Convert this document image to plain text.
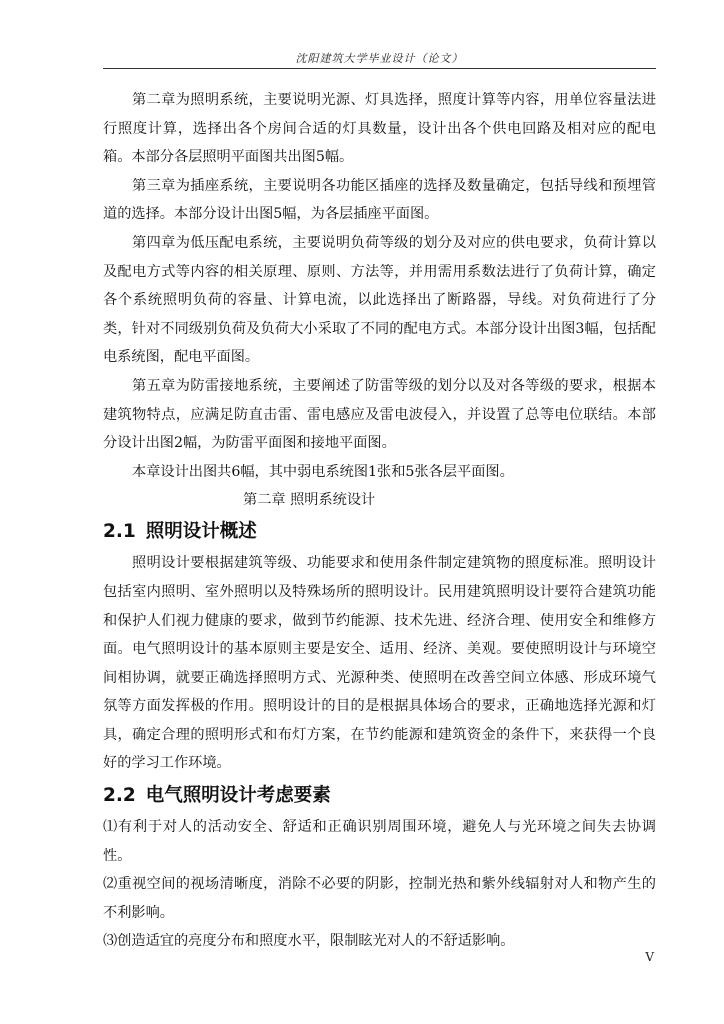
沈阳建筑大学毕业设计（论文）

第二章为照明系统，主要说明光源、灯具选择，照度计算等内容，用单位容量法进行照度计算，选择出各个房间合适的灯具数量，设计出各个供电回路及相对应的配电箱。本部分各层照明平面图共出图5幅。

第三章为插座系统，主要说明各功能区插座的选择及数量确定，包括导线和预埋管道的选择。本部分设计出图5幅，为各层插座平面图。

第四章为低压配电系统，主要说明负荷等级的划分及对应的供电要求，负荷计算以及配电方式等内容的相关原理、原则、方法等，并用需用系数法进行了负荷计算，确定各个系统照明负荷的容量、计算电流，以此选择出了断路器，导线。对负荷进行了分类，针对不同级别负荷及负荷大小采取了不同的配电方式。本部分设计出图3幅，包括配电系统图，配电平面图。

第五章为防雷接地系统，主要阐述了防雷等级的划分以及对各等级的要求，根据本建筑物特点，应满足防直击雷、雷电感应及雷电波侵入，并设置了总等电位联结。本部分设计出图2幅，为防雷平面图和接地平面图。

本章设计出图共6幅，其中弱电系统图1张和5张各层平面图。

第二章 照明系统设计

2.1 照明设计概述

照明设计要根据建筑等级、功能要求和使用条件制定建筑物的照度标准。照明设计包括室内照明、室外照明以及特殊场所的照明设计。民用建筑照明设计要符合建筑功能和保护人们视力健康的要求，做到节约能源、技术先进、经济合理、使用安全和维修方面。电气照明设计的基本原则主要是安全、适用、经济、美观。要使照明设计与环境空间相协调，就要正确选择照明方式、光源种类、使照明在改善空间立体感、形成环境气氛等方面发挥极的作用。照明设计的目的是根据具体场合的要求，正确地选择光源和灯具，确定合理的照明形式和布灯方案，在节约能源和建筑资金的条件下，来获得一个良好的学习工作环境。

2.2 电气照明设计考虑要素

⑴有利于对人的活动安全、舒适和正确识别周围环境，避免人与光环境之间失去协调性。

⑵重视空间的视场清晰度，消除不必要的阴影，控制光热和紫外线辐射对人和物产生的不利影响。

⑶创造适宜的亮度分布和照度水平，限制眩光对人的不舒适影响。

V
